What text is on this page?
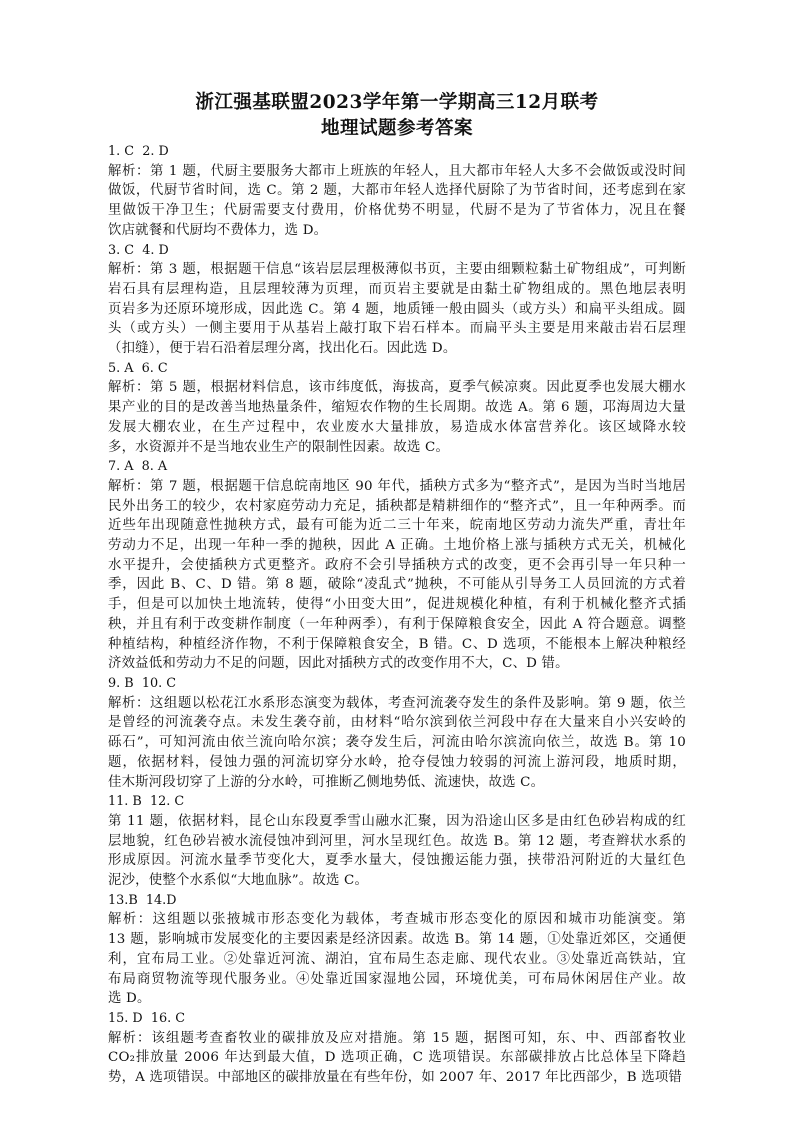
浙江强基联盟2023学年第一学期高三12月联考
地理试题参考答案

1. C  2. D

解析：第 1 题，代厨主要服务大都市上班族的年轻人，且大都市年轻人大多不会做饭或没时间

做饭，代厨节省时间，选 C。第 2 题，大都市年轻人选择代厨除了为节省时间，还考虑到在家

里做饭干净卫生；代厨需要支付费用，价格优势不明显，代厨不是为了节省体力，况且在餐

饮店就餐和代厨均不费体力，选 D。

3. C  4. D

解析：第 3 题，根据题干信息“该岩层层理极薄似书页，主要由细颗粒黏土矿物组成”，可判断

岩石具有层理构造，且层理较薄为页理，而页岩主要就是由黏土矿物组成的。黑色地层表明

页岩多为还原环境形成，因此选 C。第 4 题，地质锤一般由圆头（或方头）和扁平头组成。圆

头（或方头）一侧主要用于从基岩上敲打取下岩石样本。而扁平头主要是用来敲击岩石层理

（扣缝），便于岩石沿着层理分离，找出化石。因此选 D。

5. A  6. C

解析：第 5 题，根据材料信息，该市纬度低，海拔高，夏季气候凉爽。因此夏季也发展大棚水

果产业的目的是改善当地热量条件，缩短农作物的生长周期。故选 A。第 6 题，邛海周边大量

发展大棚农业，在生产过程中，农业废水大量排放，易造成水体富营养化。该区域降水较

多，水资源并不是当地农业生产的限制性因素。故选 C。

7. A  8. A

解析：第 7 题，根据题干信息皖南地区 90 年代，插秧方式多为“整齐式”，是因为当时当地居

民外出务工的较少，农村家庭劳动力充足，插秧都是精耕细作的“整齐式”，且一年种两季。而

近些年出现随意性抛秧方式，最有可能为近二三十年来，皖南地区劳动力流失严重，青壮年

劳动力不足，出现一年种一季的抛秧，因此 A 正确。土地价格上涨与插秧方式无关，机械化

水平提升，会使插秧方式更整齐。政府不会引导插秧方式的改变，更不会再引导一年只种一

季，因此 B、C、D 错。第 8 题，破除“凌乱式”抛秧，不可能从引导务工人员回流的方式着

手，但是可以加快土地流转，使得“小田变大田”，促进规模化种植，有利于机械化整齐式插

秧，并且有利于改变耕作制度（一年种两季），有利于保障粮食安全，因此 A 符合题意。调整

种植结构，种植经济作物，不利于保障粮食安全，B 错。C、D 选项，不能根本上解决种粮经

济效益低和劳动力不足的问题，因此对插秧方式的改变作用不大，C、D 错。

9. B  10. C

解析：这组题以松花江水系形态演变为载体，考查河流袭夺发生的条件及影响。第 9 题，依兰

是曾经的河流袭夺点。未发生袭夺前，由材料“哈尔滨到依兰河段中存在大量来自小兴安岭的

砾石”，可知河流由依兰流向哈尔滨；袭夺发生后，河流由哈尔滨流向依兰，故选 B。第 10

题，依据材料，侵蚀力强的河流切穿分水岭，抢夺侵蚀力较弱的河流上游河段，地质时期，

佳木斯河段切穿了上游的分水岭，可推断乙侧地势低、流速快，故选 C。

11. B  12. C

第 11 题，依据材料，昆仑山东段夏季雪山融水汇聚，因为沿途山区多是由红色砂岩构成的红

层地貌，红色砂岩被水流侵蚀冲到河里，河水呈现红色。故选 B。第 12 题，考查辫状水系的

形成原因。河流水量季节变化大，夏季水量大，侵蚀搬运能力强，挟带沿河附近的大量红色

泥沙，使整个水系似“大地血脉”。故选 C。

13.B  14.D

解析：这组题以张掖城市形态变化为载体，考查城市形态变化的原因和城市功能演变。第

13 题，影响城市发展变化的主要因素是经济因素。故选 B。第 14 题，①处靠近郊区，交通便

利，宜布局工业。②处靠近河流、湖泊，宜布局生态走廊、现代农业。③处靠近高铁站，宜

布局商贸物流等现代服务业。④处靠近国家湿地公园，环境优美，可布局休闲居住产业。故

选 D。

15. D  16. C

解析：该组题考查畜牧业的碳排放及应对措施。第 15 题，据图可知，东、中、西部畜牧业

CO₂排放量 2006 年达到最大值，D 选项正确，C 选项错误。东部碳排放占比总体呈下降趋

势，A 选项错误。中部地区的碳排放量在有些年份，如 2007 年、2017 年比西部少，B 选项错
